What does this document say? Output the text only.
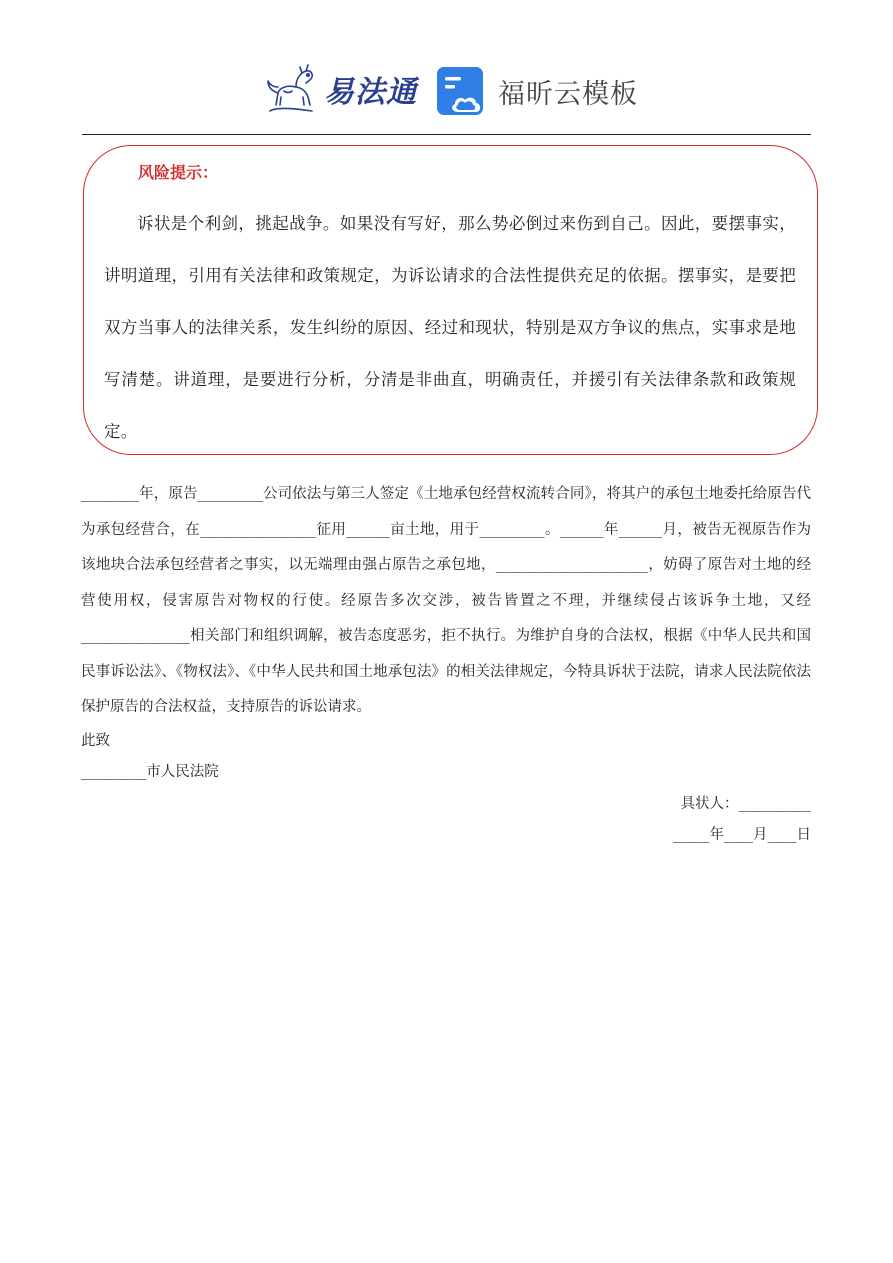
易法通	福昕云模板
风险提示：
诉状是个利剑，挑起战争。如果没有写好，那么势必倒过来伤到自己。因此，要摆事实，讲明道理，引用有关法律和政策规定，为诉讼请求的合法性提供充足的依据。摆事实，是要把双方当事人的法律关系，发生纠纷的原因、经过和现状，特别是双方争议的焦点，实事求是地写清楚。讲道理，是要进行分析，分清是非曲直，明确责任，并援引有关法律条款和政策规定。

________年，原告_________公司依法与第三人签定《土地承包经营权流转合同》，将其户的承包土地委托给原告代为承包经营合，在________________征用______亩土地，用于_________。______年______月，被告无视原告作为该地块合法承包经营者之事实，以无端理由强占原告之承包地，_____________________，妨碍了原告对土地的经营使用权，侵害原告对物权的行使。经原告多次交涉，被告皆置之不理，并继续侵占该诉争土地，又经_______________相关部门和组织调解，被告态度恶劣，拒不执行。为维护自身的合法权，根据《中华人民共和国民事诉讼法》、《物权法》、《中华人民共和国土地承包法》的相关法律规定，今特具诉状于法院，请求人民法院依法保护原告的合法权益，支持原告的诉讼请求。

此致
_________市人民法院
具状人：__________
_____年____月____日
